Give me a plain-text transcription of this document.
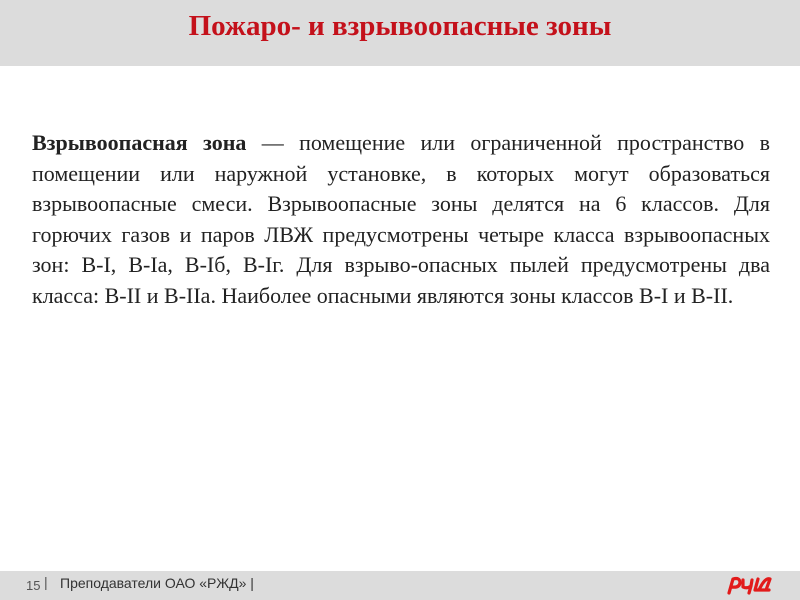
Пожаро- и взрывоопасные зоны
Взрывоопасная зона — помещение или ограниченной пространство в помещении или наружной установке, в которых могут образоваться взрывоопасные смеси. Взрывоопасные зоны делятся на 6 классов. Для горючих газов и паров ЛВЖ предусмотрены четыре класса взрывоопасных зон: В-I, В-Iа, В-Iб, В-Iг. Для взрыво-опасных пылей предусмотрены два класса: В-II и В-IIа. Наиболее опасными являются зоны классов В-I и В-II.
15 | Преподаватели ОАО «РЖД» |
